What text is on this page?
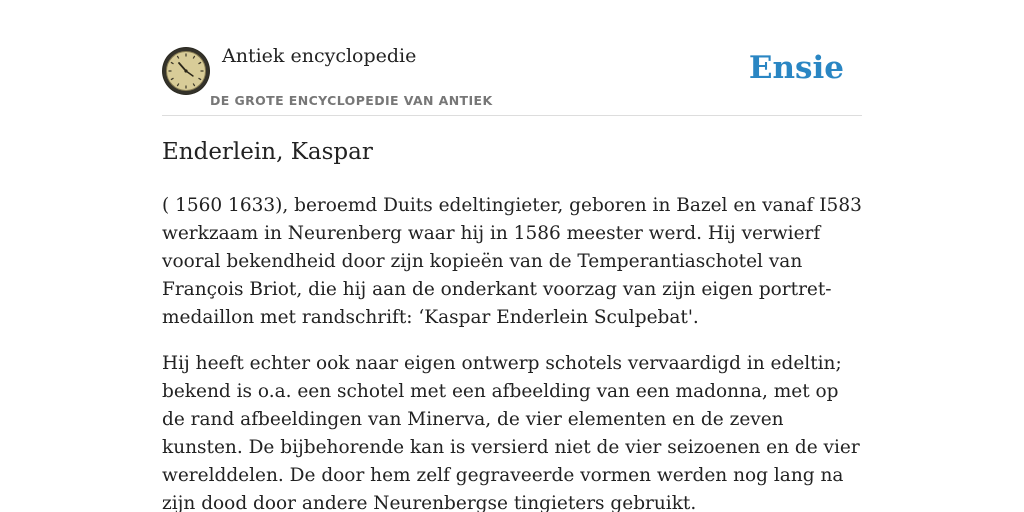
Antiek encyclopedie
DE GROTE ENCYCLOPEDIE VAN ANTIEK
Ensie
Enderlein, Kaspar

( 1560 1633), beroemd Duits edeltingieter, geboren in Bazel en vanaf I583 werkzaam in Neurenberg waar hij in 1586 meester werd. Hij verwierf vooral bekendheid door zijn kopieën van de Temperantiaschotel van François Briot, die hij aan de onderkant voorzag van zijn eigen portret-medaillon met randschrift: ‘Kaspar Enderlein Sculpebat'.

Hij heeft echter ook naar eigen ontwerp schotels vervaardigd in edeltin; bekend is o.a. een schotel met een afbeelding van een madonna, met op de rand afbeeldingen van Minerva, de vier elementen en de zeven kunsten. De bijbehorende kan is versierd niet de vier seizoenen en de vier werelddelen. De door hem zelf gegraveerde vormen werden nog lang na zijn dood door andere Neurenbergse tingieters gebruikt.
